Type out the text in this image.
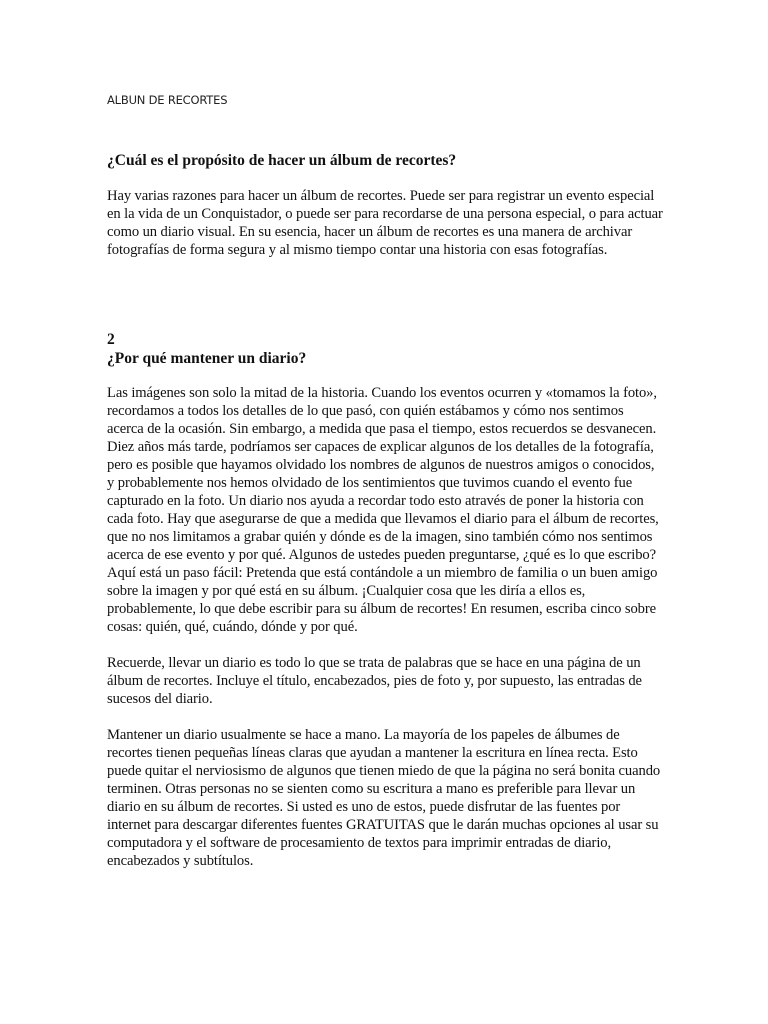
ALBUN DE RECORTES
¿Cuál es el propósito de hacer un álbum de recortes?

Hay varias razones para hacer un álbum de recortes. Puede ser para registrar un evento especial en la vida de un Conquistador, o puede ser para recordarse de una persona especial, o para actuar como un diario visual. En su esencia, hacer un álbum de recortes es una manera de archivar fotografías de forma segura y al mismo tiempo contar una historia con esas fotografías.

2
¿Por qué mantener un diario?

Las imágenes son solo la mitad de la historia. Cuando los eventos ocurren y «tomamos la foto», recordamos a todos los detalles de lo que pasó, con quién estábamos y cómo nos sentimos acerca de la ocasión. Sin embargo, a medida que pasa el tiempo, estos recuerdos se desvanecen. Diez años más tarde, podríamos ser capaces de explicar algunos de los detalles de la fotografía, pero es posible que hayamos olvidado los nombres de algunos de nuestros amigos o conocidos, y probablemente nos hemos olvidado de los sentimientos que tuvimos cuando el evento fue capturado en la foto. Un diario nos ayuda a recordar todo esto através de poner la historia con cada foto. Hay que asegurarse de que a medida que llevamos el diario para el álbum de recortes, que no nos limitamos a grabar quién y dónde es de la imagen, sino también cómo nos sentimos acerca de ese evento y por qué. Algunos de ustedes pueden preguntarse, ¿qué es lo que escribo? Aquí está un paso fácil: Pretenda que está contándole a un miembro de familia o un buen amigo sobre la imagen y por qué está en su álbum. ¡Cualquier cosa que les diría a ellos es, probablemente, lo que debe escribir para su álbum de recortes! En resumen, escriba cinco sobre cosas: quién, qué, cuándo, dónde y por qué.

Recuerde, llevar un diario es todo lo que se trata de palabras que se hace en una página de un álbum de recortes. Incluye el título, encabezados, pies de foto y, por supuesto, las entradas de sucesos del diario.

Mantener un diario usualmente se hace a mano. La mayoría de los papeles de álbumes de recortes tienen pequeñas líneas claras que ayudan a mantener la escritura en línea recta. Esto puede quitar el nerviosismo de algunos que tienen miedo de que la página no será bonita cuando terminen. Otras personas no se sienten como su escritura a mano es preferible para llevar un diario en su álbum de recortes. Si usted es uno de estos, puede disfrutar de las fuentes por internet para descargar diferentes fuentes GRATUITAS que le darán muchas opciones al usar su computadora y el software de procesamiento de textos para imprimir entradas de diario, encabezados y subtítulos.
